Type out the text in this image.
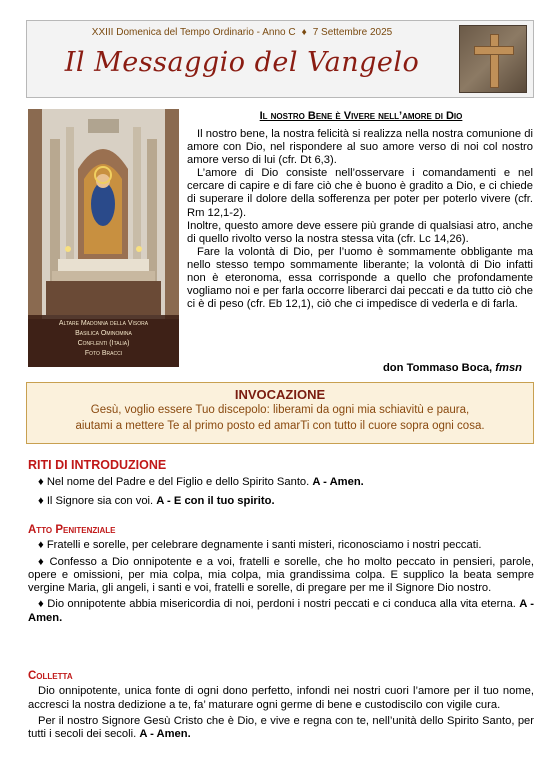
XXIII Domenica del Tempo Ordinario - Anno C ♦ 7 Settembre 2025
Il Messaggio del Vangelo
Altare Madonna della Visora
Basilica Ominomina
Conflenti (Italia)
Foto Bracci
Il nostro Bene è Vivere nell’amore di Dio

Il nostro bene, la nostra felicità si realizza nella nostra comunione di amore con Dio, nel rispondere al suo amore verso di noi col nostro amore verso di lui (cfr. Dt 6,3).

L’amore di Dio consiste nell’osservare i comandamenti e nel cercare di capire e di fare ciò che è buono è gradito a Dio, e ci chiede di superare il dolore della sofferenza per poter per poterlo vivere (cfr. Rm 12,1-2).

Inoltre, questo amore deve essere più grande di qualsiasi atro, anche di quello rivolto verso la nostra stessa vita (cfr. Lc 14,26).

Fare la volontà di Dio, per l’uomo è sommamente obbligante ma nello stesso tempo sommamente liberante; la volontà di Dio infatti non è eteronoma, essa corrisponde a quello che profondamente vogliamo noi e per farla occorre liberarci dai peccati e da tutto ciò che ci è di peso (cfr. Eb 12,1), ciò che ci impedisce di vederla e di farla.

don Tommaso Boca, fmsn
INVOCAZIONE
Gesù, voglio essere Tuo discepolo: liberami da ogni mia schiavitù e paura,
aiutami a mettere Te al primo posto ed amarTi con tutto il cuore sopra ogni cosa.
RITI DI INTRODUZIONE

♦ Nel nome del Padre e del Figlio e dello Spirito Santo. A - Amen.

♦ Il Signore sia con voi. A - E con il tuo spirito.

Atto Penitenziale

♦ Fratelli e sorelle, per celebrare degnamente i santi misteri, riconosciamo i nostri peccati.

♦ Confesso a Dio onnipotente e a voi, fratelli e sorelle, che ho molto peccato in pensieri, parole, opere e omissioni, per mia colpa, mia colpa, mia grandissima colpa. E supplico la beata sempre vergine Maria, gli angeli, i santi e voi, fratelli e sorelle, di pregare per me il Signore Dio nostro.

♦ Dio onnipotente abbia misericordia di noi, perdoni i nostri peccati e ci conduca alla vita eterna. A - Amen.

Colletta

Dio onnipotente, unica fonte di ogni dono perfetto, infondi nei nostri cuori l’amore per il tuo nome, accresci la nostra dedizione a te, fa’ maturare ogni germe di bene e custodiscilo con vigile cura.

Per il nostro Signore Gesù Cristo che è Dio, e vive e regna con te, nell’unità dello Spirito Santo, per tutti i secoli dei secoli. A - Amen.
